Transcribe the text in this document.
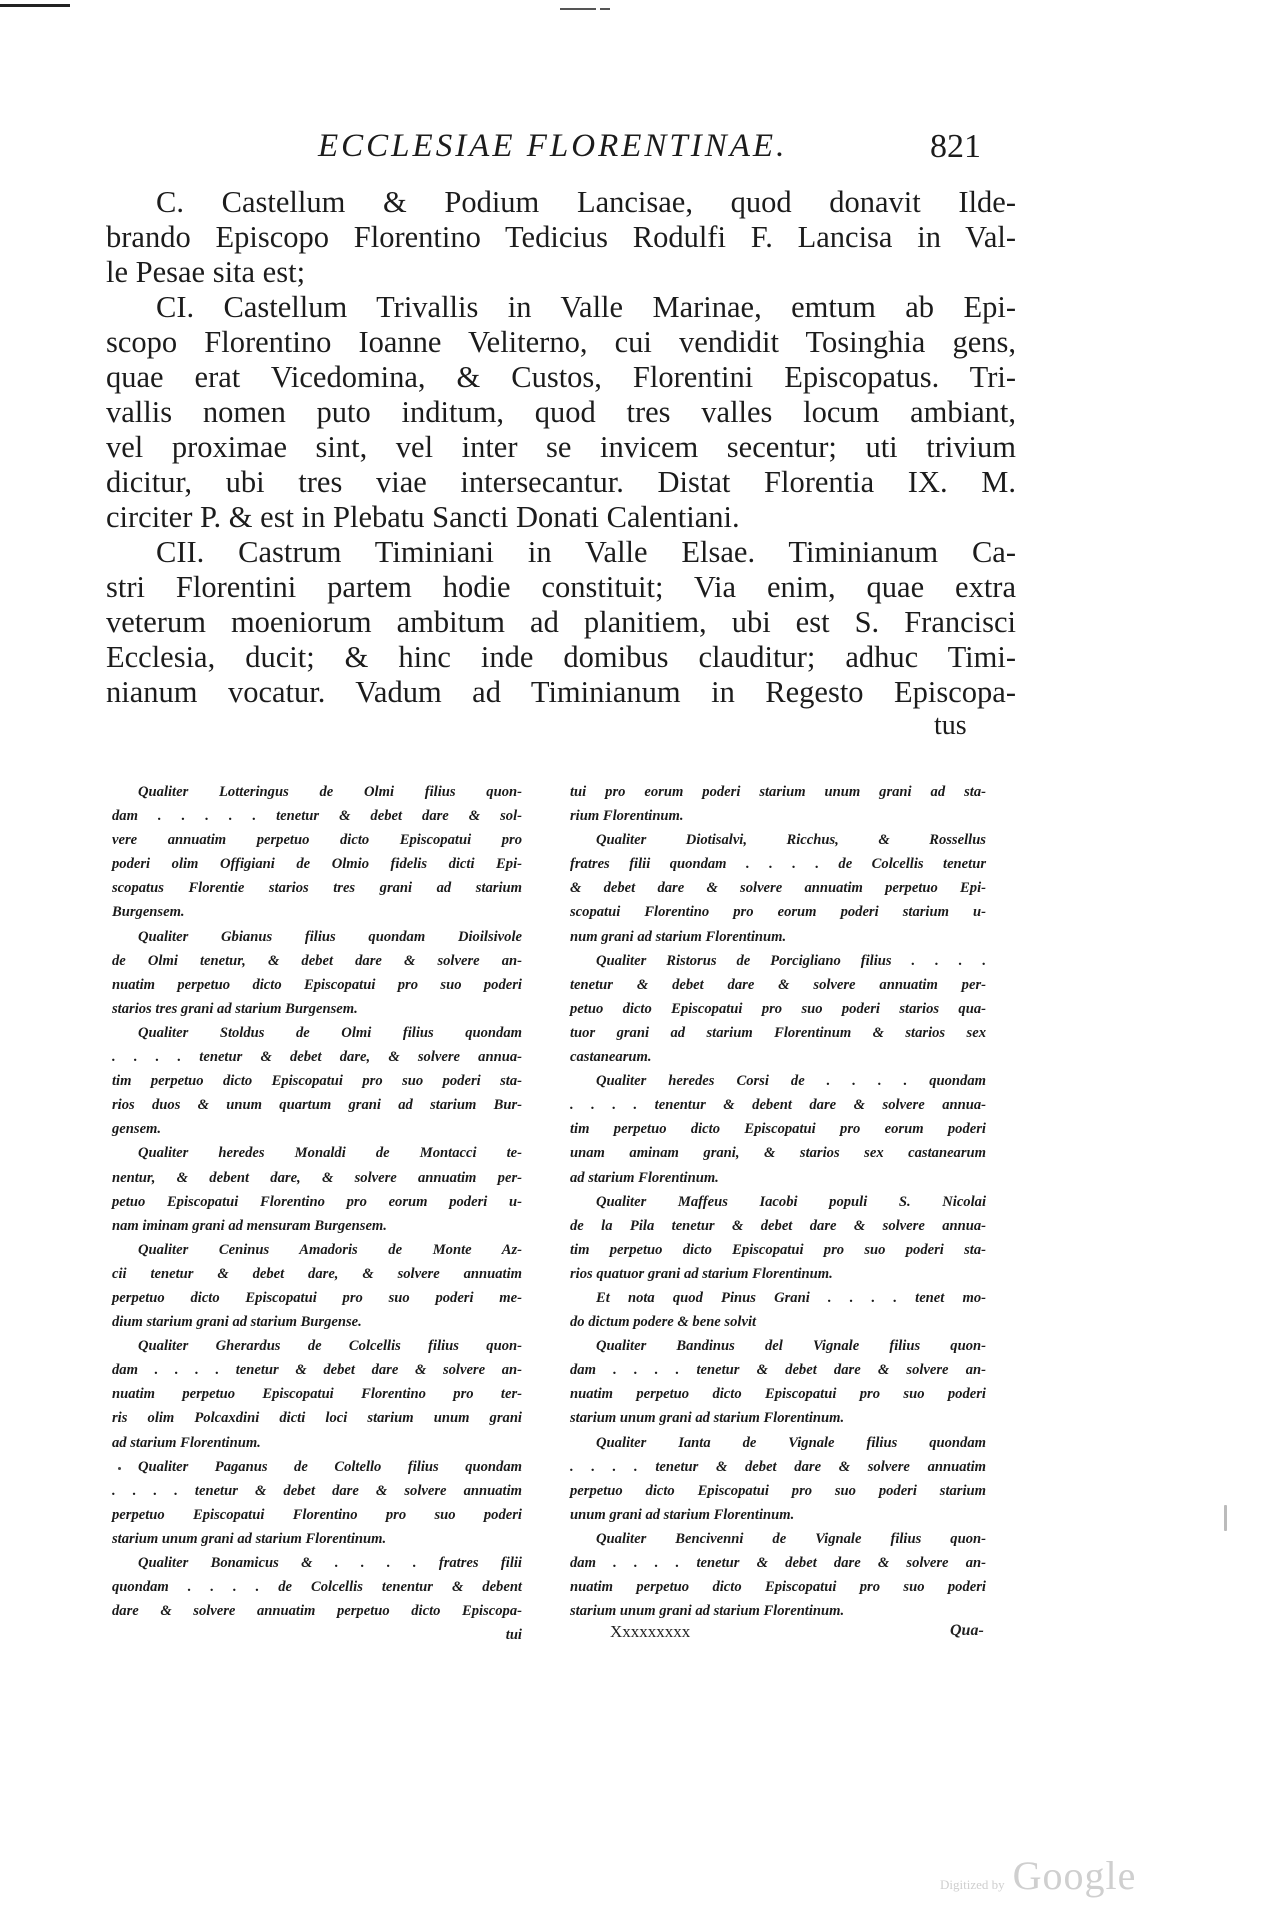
ECCLESIAE FLORENTINAE.	821
C. Castellum & Podium Lancisae, quod donavit Ilde-
brando Episcopo Florentino Tedicius Rodulfi F. Lancisa in Val-
le Pesae sita est;
CI. Castellum Trivallis in Valle Marinae, emtum ab Epi-
scopo Florentino Ioanne Veliterno, cui vendidit Tosinghia gens,
quae erat Vicedomina, & Custos, Florentini Episcopatus. Tri-
vallis nomen puto inditum, quod tres valles locum ambiant,
vel proximae sint, vel inter se invicem secentur; uti trivium
dicitur, ubi tres viae intersecantur. Distat Florentia IX. M.
circiter P. & est in Plebatu Sancti Donati Calentiani.
CII. Castrum Timiniani in Valle Elsae. Timinianum Ca-
stri Florentini partem hodie constituit; Via enim, quae extra
veterum moeniorum ambitum ad planitiem, ubi est S. Francisci
Ecclesia, ducit; & hinc inde domibus clauditur; adhuc Timi-
nianum vocatur. Vadum ad Timinianum in Regesto Episcopa-
tus
Qualiter Lotteringus de Olmi filius quon-
dam . . . . . tenetur & debet dare & sol-
vere annuatim perpetuo dicto Episcopatui pro
poderi olim Offigiani de Olmio fidelis dicti Epi-
scopatus Florentie starios tres grani ad starium
Burgensem.
Qualiter Gbianus filius quondam Dioilsivole
de Olmi tenetur, & debet dare & solvere an-
nuatim perpetuo dicto Episcopatui pro suo poderi
starios tres grani ad starium Burgensem.
Qualiter Stoldus de Olmi filius quondam
. . . . tenetur & debet dare, & solvere annua-
tim perpetuo dicto Episcopatui pro suo poderi sta-
rios duos & unum quartum grani ad starium Bur-
gensem.
Qualiter heredes Monaldi de Montacci te-
nentur, & debent dare, & solvere annuatim per-
petuo Episcopatui Florentino pro eorum poderi u-
nam iminam grani ad mensuram Burgensem.
Qualiter Ceninus Amadoris de Monte Az-
cii tenetur & debet dare, & solvere annuatim
perpetuo dicto Episcopatui pro suo poderi me-
dium starium grani ad starium Burgense.
Qualiter Gherardus de Colcellis filius quon-
dam . . . . tenetur & debet dare & solvere an-
nuatim perpetuo Episcopatui Florentino pro ter-
ris olim Polcaxdini dicti loci starium unum grani
ad starium Florentinum.
Qualiter Paganus de Coltello filius quondam
. . . . tenetur & debet dare & solvere annuatim
perpetuo Episcopatui Florentino pro suo poderi
starium unum grani ad starium Florentinum.
Qualiter Bonamicus & . . . . fratres filii
quondam . . . . de Colcellis tenentur & debent
dare & solvere annuatim perpetuo dicto Episcopa-
tui
tui pro eorum poderi starium unum grani ad sta-
rium Florentinum.
Qualiter Diotisalvi, Ricchus, & Rossellus
fratres filii quondam . . . . de Colcellis tenetur
& debet dare & solvere annuatim perpetuo Epi-
scopatui Florentino pro eorum poderi starium u-
num grani ad starium Florentinum.
Qualiter Ristorus de Porcigliano filius . . . .
tenetur & debet dare & solvere annuatim per-
petuo dicto Episcopatui pro suo poderi starios qua-
tuor grani ad starium Florentinum & starios sex
castanearum.
Qualiter heredes Corsi de . . . . quondam
. . . . tenentur & debent dare & solvere annua-
tim perpetuo dicto Episcopatui pro eorum poderi
unam aminam grani, & starios sex castanearum
ad starium Florentinum.
Qualiter Maffeus Iacobi populi S. Nicolai
de la Pila tenetur & debet dare & solvere annua-
tim perpetuo dicto Episcopatui pro suo poderi sta-
rios quatuor grani ad starium Florentinum.
Et nota quod Pinus Grani . . . . tenet mo-
do dictum podere & bene solvit
Qualiter Bandinus del Vignale filius quon-
dam . . . . tenetur & debet dare & solvere an-
nuatim perpetuo dicto Episcopatui pro suo poderi
starium unum grani ad starium Florentinum.
Qualiter Ianta de Vignale filius quondam
. . . . tenetur & debet dare & solvere annuatim
perpetuo dicto Episcopatui pro suo poderi starium
unum grani ad starium Florentinum.
Qualiter Bencivenni de Vignale filius quon-
dam . . . . tenetur & debet dare & solvere an-
nuatim perpetuo dicto Episcopatui pro suo poderi
starium unum grani ad starium Florentinum.
Xxxxxxxxx	Qua-
Digitized by Google
